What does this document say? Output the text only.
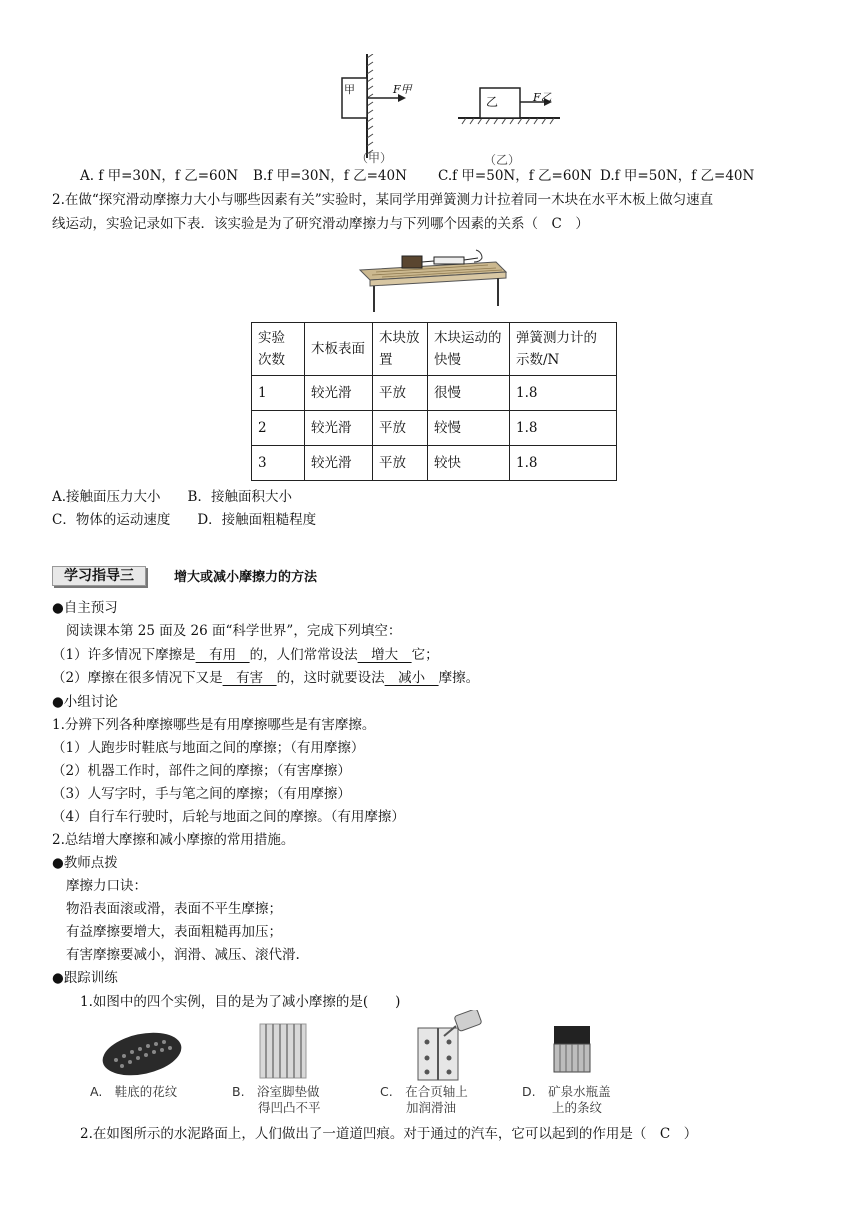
甲	F甲
乙	F乙
（甲）	（乙）
A. f 甲=30N，f 乙=60N B.f 甲=30N，f 乙=40N C.f 甲=50N，f 乙=60N D.f 甲=50N，f 乙=40N
2.在做“探究滑动摩擦力大小与哪些因素有关”实验时，某同学用弹簧测力计拉着同一木块在水平木板上做匀速直
线运动，实验记录如下表．该实验是为了研究滑动摩擦力与下列哪个因素的关系（　C　）
实验次数	木板表面	木块放置	木块运动的快慢	弹簧测力计的示数/N
1	较光滑	平放	很慢	1.8
2	较光滑	平放	较慢	1.8
3	较光滑	平放	较快	1.8
A.接触面压力大小　　B．接触面积大小
C．物体的运动速度　　D．接触面粗糙程度
学习指导三	增大或减小摩擦力的方法
●自主预习
阅读课本第 25 面及 26 面“科学世界”，完成下列填空：
（1）许多情况下摩擦是　有用　的，人们常常设法　增大　它；
（2）摩擦在很多情况下又是　有害　的，这时就要设法　减小　摩擦。
●小组讨论
1.分辨下列各种摩擦哪些是有用摩擦哪些是有害摩擦。
（1）人跑步时鞋底与地面之间的摩擦；（有用摩擦）
（2）机器工作时，部件之间的摩擦；（有害摩擦）
（3）人写字时，手与笔之间的摩擦；（有用摩擦）
（4）自行车行驶时，后轮与地面之间的摩擦。（有用摩擦）
2.总结增大摩擦和减小摩擦的常用措施。
●教师点拨
摩擦力口诀：
物沿表面滚或滑，表面不平生摩擦；
有益摩擦要增大，表面粗糙再加压；
有害摩擦要减小，润滑、减压、滚代滑.
●跟踪训练
1.如图中的四个实例，目的是为了减小摩擦的是(　　)
A.　鞋底的花纹	B.　浴室脚垫做
得凹凸不平
C.　在合页轴上
加润滑油
D.　矿泉水瓶盖
上的条纹
2.在如图所示的水泥路面上，人们做出了一道道凹痕。对于通过的汽车，它可以起到的作用是（　C　）
